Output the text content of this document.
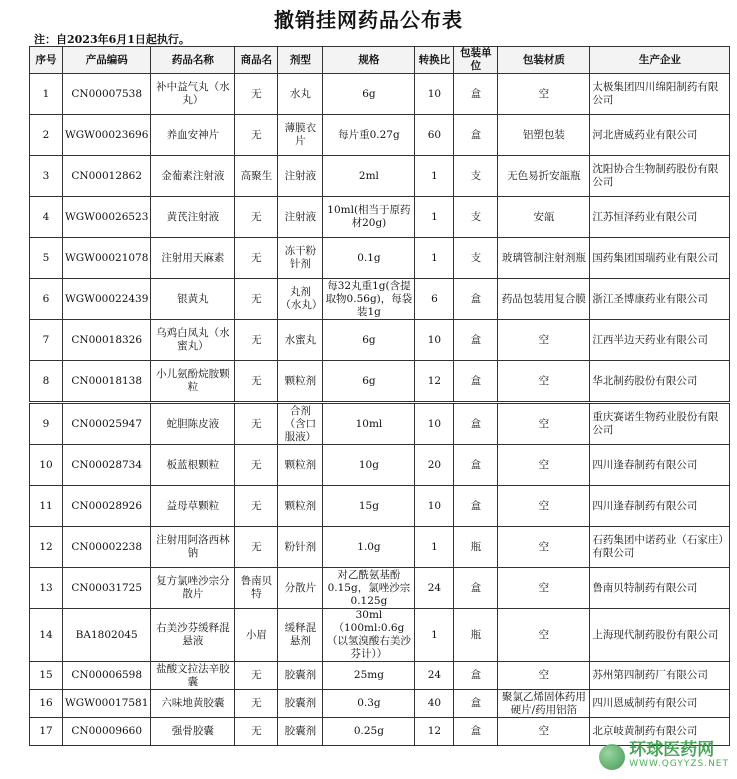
撤销挂网药品公布表
注：自2023年6月1日起执行。
序号	产品编码	药品名称	商品名	剂型	规格	转换比	包装单位	包装材质	生产企业
1	CN00007538	补中益气丸（水丸）	无	水丸	6g	10	盒	空	太极集团四川绵阳制药有限公司
2	WGW00023696	养血安神片	无	薄膜衣片	每片重0.27g	60	盒	铝塑包装	河北唐威药业有限公司
3	CN00012862	金葡素注射液	高聚生	注射液	2ml	1	支	无色易折安瓿瓶	沈阳协合生物制药股份有限公司
4	WGW00026523	黄芪注射液	无	注射液	10ml(相当于原药材20g)	1	支	安瓿	江苏恒泽药业有限公司
5	WGW00021078	注射用天麻素	无	冻干粉针剂	0.1g	1	支	玻璃管制注射剂瓶	国药集团国瑞药业有限公司
6	WGW00022439	银黄丸	无	丸剂（水丸）	每32丸重1g(含提取物0.56g)，每袋装1g	6	盒	药品包装用复合膜	浙江圣博康药业有限公司
7	CN00018326	乌鸡白凤丸（水蜜丸）	无	水蜜丸	6g	10	盒	空	江西半边天药业有限公司
8	CN00018138	小儿氨酚烷胺颗粒	无	颗粒剂	6g	12	盒	空	华北制药股份有限公司
9	CN00025947	蛇胆陈皮液	无	合剂（含口服液）	10ml	10	盒	空	重庆赛诺生物药业股份有限公司
10	CN00028734	板蓝根颗粒	无	颗粒剂	10g	20	盒	空	四川逢春制药有限公司
11	CN00028926	益母草颗粒	无	颗粒剂	15g	10	盒	空	四川逢春制药有限公司
12	CN00002238	注射用阿洛西林钠	无	粉针剂	1.0g	1	瓶	空	石药集团中诺药业（石家庄）有限公司
13	CN00031725	复方氯唑沙宗分散片	鲁南贝特	分散片	对乙酰氨基酚0.15g，氯唑沙宗0.125g	24	盒	空	鲁南贝特制药有限公司
14	BA1802045	右美沙芬缓释混悬液	小眉	缓释混悬剂	30ml（100ml:0.6g（以氢溴酸右美沙芬计））	1	瓶	空	上海现代制药股份有限公司
15	CN00006598	盐酸文拉法辛胶囊	无	胶囊剂	25mg	24	盒	空	苏州第四制药厂有限公司
16	WGW00017581	六味地黄胶囊	无	胶囊剂	0.3g	40	盒	聚氯乙烯固体药用硬片/药用铝箔	四川恩威制药有限公司
17	CN00009660	强骨胶囊	无	胶囊剂	0.25g	12	盒	空	北京岐黄制药有限公司
环球医药网
WWW.QGYYZS.NET
